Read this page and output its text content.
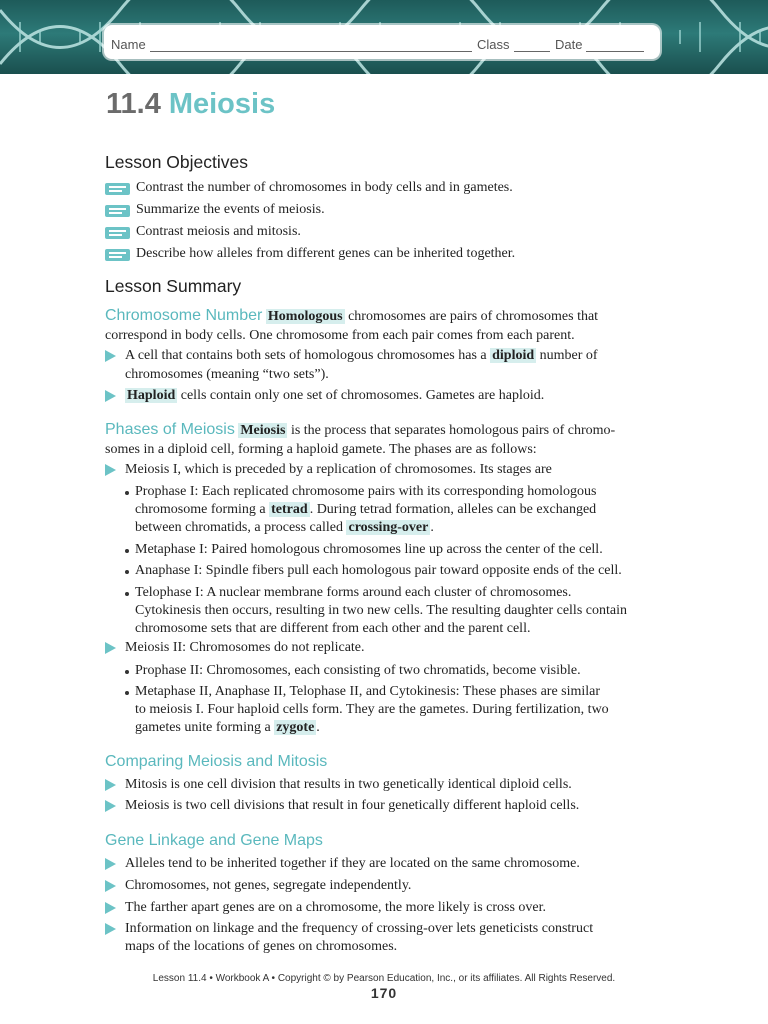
Name	Class	Date
11.4 Meiosis
Lesson Objectives
Contrast the number of chromosomes in body cells and in gametes.
Summarize the events of meiosis.
Contrast meiosis and mitosis.
Describe how alleles from different genes can be inherited together.
Lesson Summary
Chromosome Number Homologous chromosomes are pairs of chromosomes that
correspond in body cells. One chromosome from each pair comes from each parent.
A cell that contains both sets of homologous chromosomes has a diploid number of
chromosomes (meaning “two sets”).
Haploid cells contain only one set of chromosomes. Gametes are haploid.
Phases of Meiosis Meiosis is the process that separates homologous pairs of chromo-
somes in a diploid cell, forming a haploid gamete. The phases are as follows:
Meiosis I, which is preceded by a replication of chromosomes. Its stages are
Prophase I: Each replicated chromosome pairs with its corresponding homologous
chromosome forming a tetrad . During tetrad formation, alleles can be exchanged
between chromatids, a process called crossing-over .
Metaphase I: Paired homologous chromosomes line up across the center of the cell.
Anaphase I: Spindle fibers pull each homologous pair toward opposite ends of the cell.
Telophase I: A nuclear membrane forms around each cluster of chromosomes.
Cytokinesis then occurs, resulting in two new cells. The resulting daughter cells contain
chromosome sets that are different from each other and the parent cell.
Meiosis II: Chromosomes do not replicate.
Prophase II: Chromosomes, each consisting of two chromatids, become visible.
Metaphase II, Anaphase II, Telophase II, and Cytokinesis: These phases are similar
to meiosis I. Four haploid cells form. They are the gametes. During fertilization, two
gametes unite forming a zygote .
Comparing Meiosis and Mitosis
Mitosis is one cell division that results in two genetically identical diploid cells.
Meiosis is two cell divisions that result in four genetically different haploid cells.
Gene Linkage and Gene Maps
Alleles tend to be inherited together if they are located on the same chromosome.
Chromosomes, not genes, segregate independently.
The farther apart genes are on a chromosome, the more likely is cross over.
Information on linkage and the frequency of crossing-over lets geneticists construct
maps of the locations of genes on chromosomes.
Lesson 11.4 • Workbook A • Copyright © by Pearson Education, Inc., or its affiliates. All Rights Reserved.
170
